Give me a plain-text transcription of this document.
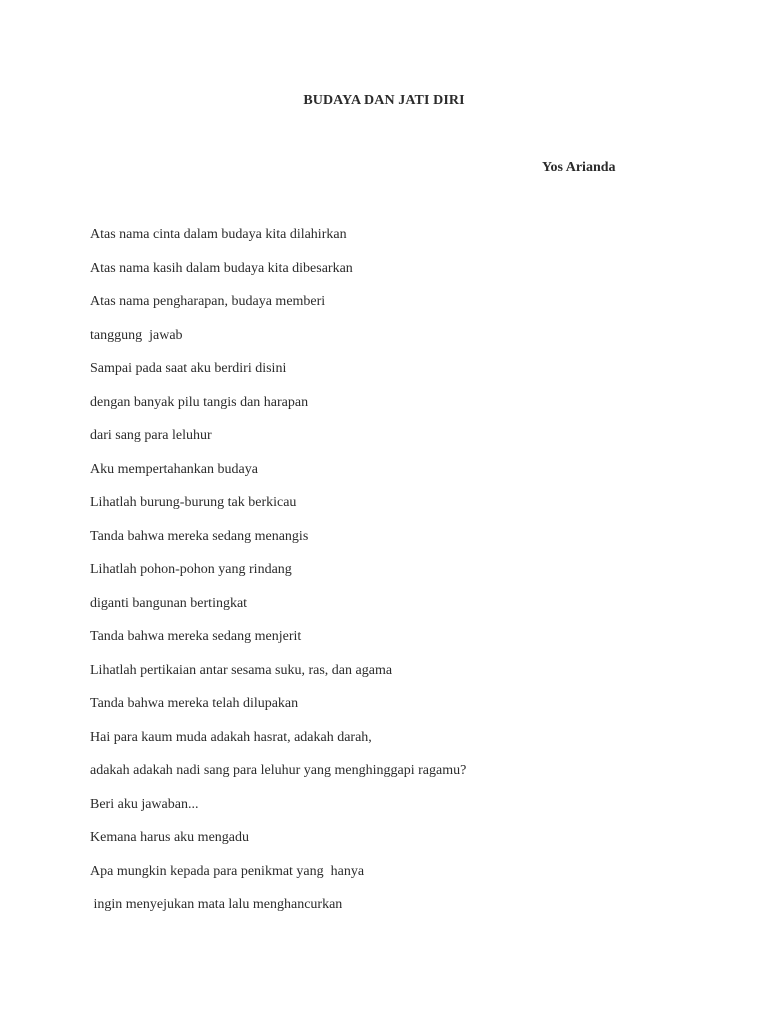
BUDAYA DAN JATI DIRI

Yos Arianda

Atas nama cinta dalam budaya kita dilahirkan
Atas nama kasih dalam budaya kita dibesarkan
Atas nama pengharapan, budaya memberi
tanggung  jawab
Sampai pada saat aku berdiri disini
dengan banyak pilu tangis dan harapan
dari sang para leluhur
Aku mempertahankan budaya
Lihatlah burung-burung tak berkicau
Tanda bahwa mereka sedang menangis
Lihatlah pohon-pohon yang rindang
diganti bangunan bertingkat
Tanda bahwa mereka sedang menjerit
Lihatlah pertikaian antar sesama suku, ras, dan agama
Tanda bahwa mereka telah dilupakan
Hai para kaum muda adakah hasrat, adakah darah,
adakah adakah nadi sang para leluhur yang menghinggapi ragamu?
Beri aku jawaban...
Kemana harus aku mengadu
Apa mungkin kepada para penikmat yang  hanya
ingin menyejukan mata lalu menghancurkan
